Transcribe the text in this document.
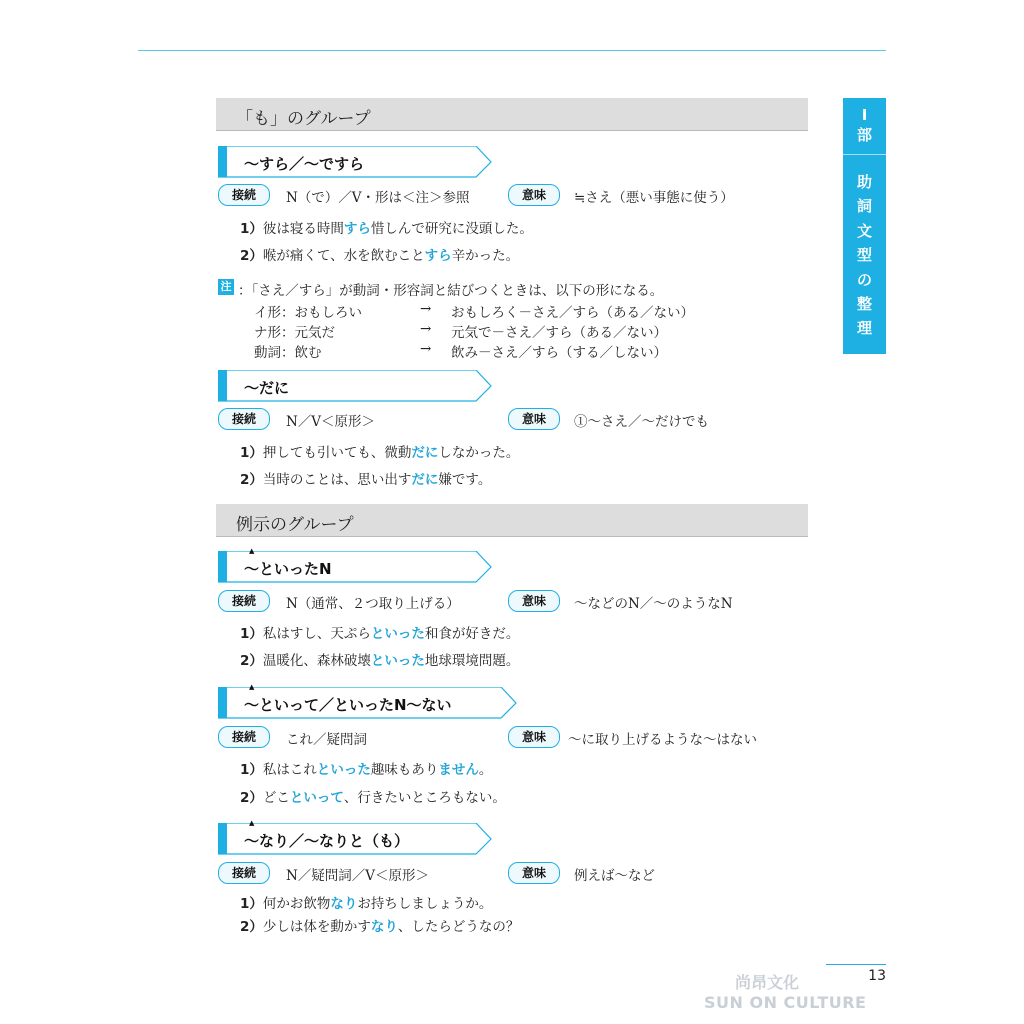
I
部
助
詞
文
型
の
整
理
「も」のグループ
～すら／～ですら
接続	N（で）／V・形は＜注＞参照	意味	≒さえ（悪い事態に使う）
1）彼は寝る時間すら惜しんで研究に没頭した。
2）喉が痛くて、水を飲むことすら辛かった。
注 ：「さえ／すら」が動詞・形容詞と結びつくときは、以下の形になる。
イ形：おもしろい	→ おもしろく－さえ／すら（ある／ない）
ナ形：元気だ	→ 元気で－さえ／すら（ある／ない）
動詞：飲む	→ 飲み－さえ／すら（する／しない）
～だに
接続	N／V＜原形＞	意味	①～さえ／～だけでも
1）押しても引いても、微動だにしなかった。
2）当時のことは、思い出すだに嫌です。
例示のグループ
▲
～といったN
接続	N（通常、２つ取り上げる）	意味	～などのN／～のようなN
1）私はすし、天ぷらといった和食が好きだ。
2）温暖化、森林破壊といった地球環境問題。
▲
～といって／といったN～ない
接続	これ／疑問詞	意味	～に取り上げるような～はない
1）私はこれといった趣味もありません。
2）どこといって、行きたいところもない。
▲
～なり／～なりと（も）
接続	N／疑問詞／V＜原形＞	意味	例えば～など
1）何かお飲物なりお持ちしましょうか。
2）少しは体を動かすなり、したらどうなの？
13
尚昂文化
SUN ON CULTURE
